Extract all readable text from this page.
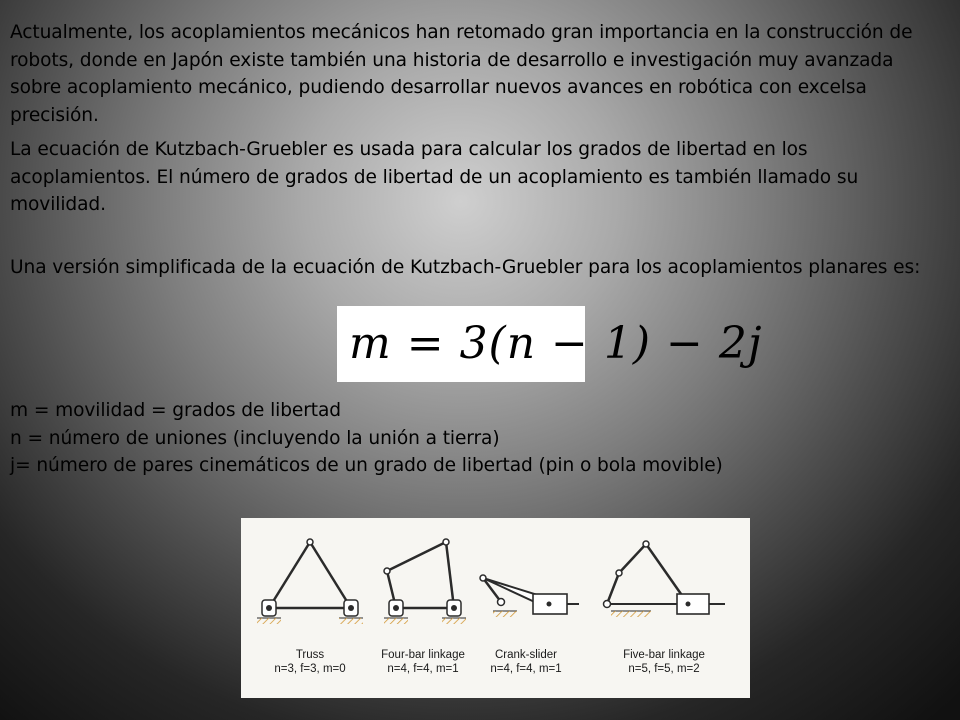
Actualmente, los acoplamientos mecánicos han retomado gran importancia en la construcción de robots, donde en Japón existe también una historia de desarrollo e investigación muy avanzada sobre acoplamiento mecánico, pudiendo desarrollar nuevos avances en robótica con excelsa precisión.

La ecuación de Kutzbach-Gruebler es usada para calcular los grados de libertad en los acoplamientos. El número de grados de libertad de un acoplamiento es también llamado su movilidad.

Una versión simplificada de la ecuación de Kutzbach-Gruebler para los acoplamientos planares es:

m = 3(n − 1) − 2j

m = movilidad = grados de libertad

n = número de uniones (incluyendo la unión a tierra)

j= número de pares cinemáticos de un grado de libertad (pin o bola movible)

Truss
n=3, f=3, m=0
Four-bar linkage
n=4, f=4, m=1
Crank-slider
n=4, f=4, m=1
Five-bar linkage
n=5, f=5, m=2
